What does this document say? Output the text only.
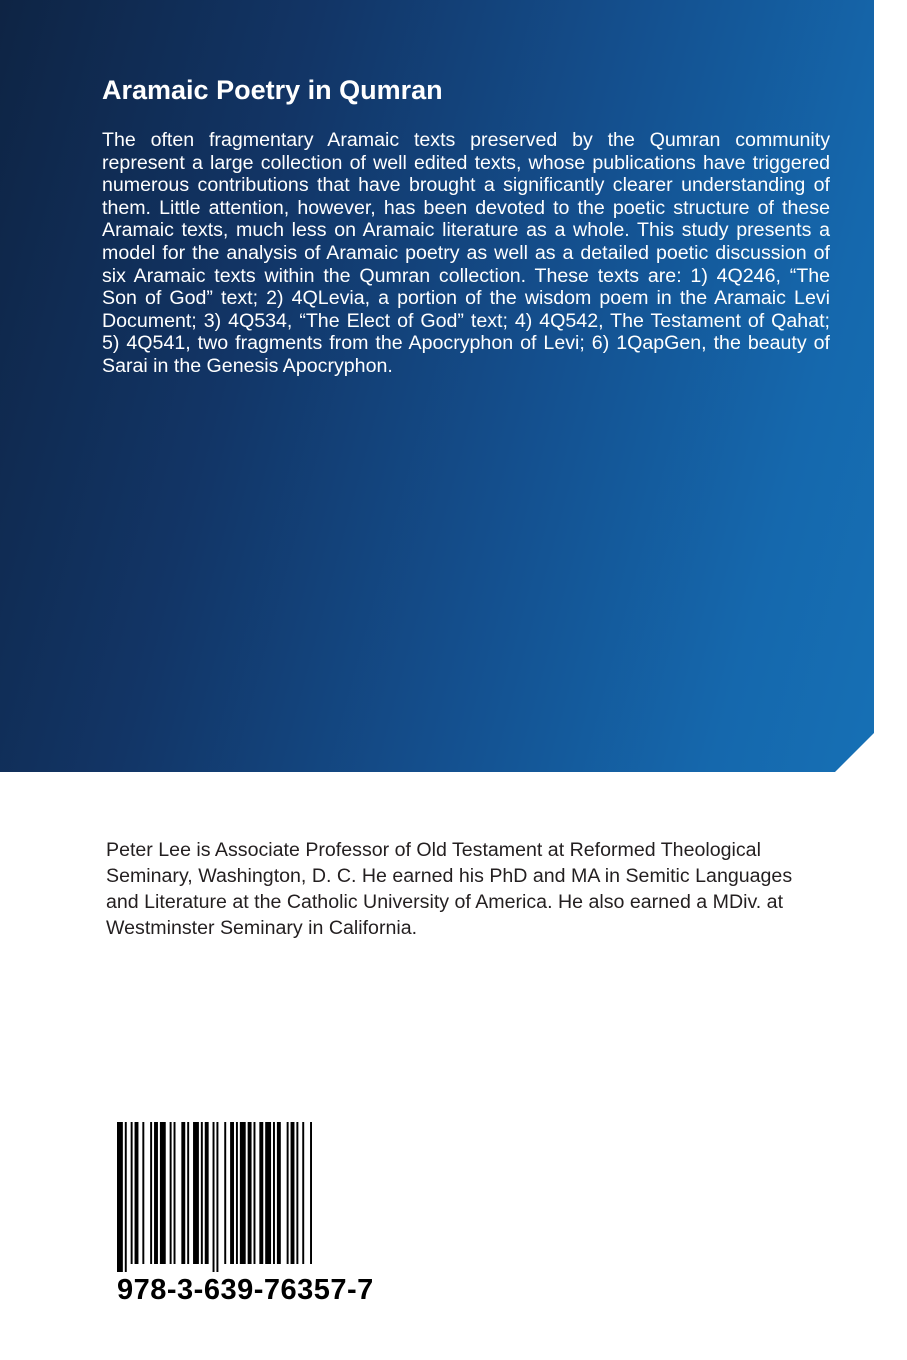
Aramaic Poetry in Qumran

The often fragmentary Aramaic texts preserved by the Qumran community represent a large collection of well edited texts, whose publications have triggered numerous contributions that have brought a significantly clearer understanding of them. Little attention, however, has been devoted to the poetic structure of these Aramaic texts, much less on Aramaic literature as a whole. This study presents a model for the analysis of Aramaic poetry as well as a detailed poetic discussion of six Aramaic texts within the Qumran collection. These texts are: 1) 4Q246, “The Son of God” text; 2) 4QLevia, a portion of the wisdom poem in the Aramaic Levi Document; 3) 4Q534, “The Elect of God” text; 4) 4Q542, The Testament of Qahat; 5) 4Q541, two fragments from the Apocryphon of Levi; 6) 1QapGen, the beauty of Sarai in the Genesis Apocryphon.

Peter Lee is Associate Professor of Old Testament at Reformed Theological Seminary, Washington, D. C. He earned his PhD and MA in Semitic Languages and Literature at the Catholic University of America. He also earned a MDiv. at Westminster Seminary in California.

978-3-639-76357-7
